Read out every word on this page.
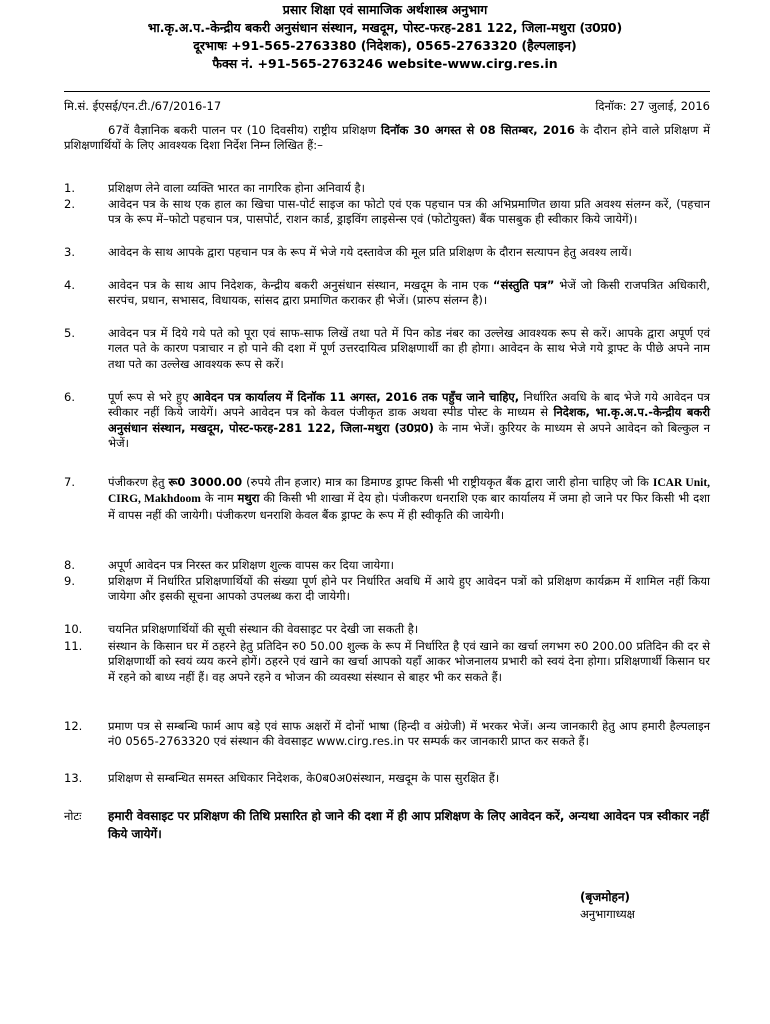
प्रसार शिक्षा एवं सामाजिक अर्थशास्त्र अनुभाग
भा.कृ.अ.प.-केन्द्रीय बकरी अनुसंधान संस्थान, मखदूम, पोस्ट-फरह-281 122, जिला-मथुरा (उ0प्र0)
दूरभाषः +91-565-2763380 (निदेशक), 0565-2763320 (हैल्पलाइन)
फैक्स नं. +91-565-2763246 website-www.cirg.res.in
मि.सं. ईएसई/एन.टी./67/2016-17	दिनॉक: 27 जुलाई, 2016
67वें वैज्ञानिक बकरी पालन पर (10 दिवसीय) राष्ट्रीय प्रशिक्षण दिनॉक 30 अगस्त से 08 सितम्बर, 2016 के दौरान होने वाले प्रशिक्षण में प्रशिक्षणार्थियों के लिए आवश्यक दिशा निर्देश निम्न लिखित हैं:–
1.	प्रशिक्षण लेने वाला व्यक्ति भारत का नागरिक होना अनिवार्य है।
2.	आवेदन पत्र के साथ एक हाल का खिचा पास-पोर्ट साइज का फोटो एवं एक पहचान पत्र की अभिप्रमाणित छाया प्रति अवश्य संलग्न करें, (पहचान पत्र के रूप में–फोटो पहचान पत्र, पासपोर्ट, राशन कार्ड, ड्राइविंग लाइसेन्स एवं (फोटोयुक्त) बैंक पासबुक ही स्वीकार किये जायेगें)।
3.	आवेदन के साथ आपके द्वारा पहचान पत्र के रूप में भेजे गये दस्तावेज की मूल प्रति प्रशिक्षण के दौरान सत्यापन हेतु अवश्य लायें।
4.	आवेदन पत्र के साथ आप निदेशक, केन्द्रीय बकरी अनुसंधान संस्थान, मखदूम के नाम एक “संस्तुति पत्र” भेजें जो किसी राजपत्रित अधिकारी, सरपंच, प्रधान, सभासद, विधायक, सांसद द्वारा प्रमाणित कराकर ही भेजें। (प्रारुप संलग्न है)।
5.	आवेदन पत्र में दिये गये पते को पूरा एवं साफ-साफ लिखें तथा पते में पिन कोड नंबर का उल्लेख आवश्यक रूप से करें। आपके द्वारा अपूर्ण एवं गलत पते के कारण पत्राचार न हो पाने की दशा में पूर्ण उत्तरदायित्व प्रशिक्षणार्थी का ही होगा। आवेदन के साथ भेजे गये ड्राफ्ट के पीछे अपने नाम तथा पते का उल्लेख आवश्यक रूप से करें।
6.	पूर्ण रूप से भरे हुए आवेदन पत्र कार्यालय में दिनॉक 11 अगस्त, 2016 तक पहुँच जाने चाहिए, निर्धारित अवधि के बाद भेजे गये आवेदन पत्र स्वीकार नहीं किये जायेगें। अपने आवेदन पत्र को केवल पंजीकृत डाक अथवा स्पीड पोस्ट के माध्यम से निदेशक, भा.कृ.अ.प.-केन्द्रीय बकरी अनुसंधान संस्थान, मखदूम, पोस्ट-फरह-281 122, जिला-मथुरा (उ0प्र0) के नाम भेजें। कुरियर के माध्यम से अपने आवेदन को बिल्कुल न भेजें।
7.	पंजीकरण हेतु रू0 3000.00 (रुपये तीन हजार) मात्र का डिमाण्ड ड्राफ्ट किसी भी राष्ट्रीयकृत बैंक द्वारा जारी होना चाहिए जो कि ICAR Unit, CIRG, Makhdoom के नाम मथुरा की किसी भी शाखा में देय हो। पंजीकरण धनराशि एक बार कार्यालय में जमा हो जाने पर फिर किसी भी दशा में वापस नहीं की जायेगी। पंजीकरण धनराशि केवल बैंक ड्राफ्ट के रूप में ही स्वीकृति की जायेगी।
8.	अपूर्ण आवेदन पत्र निरस्त कर प्रशिक्षण शुल्क वापस कर दिया जायेगा।
9.	प्रशिक्षण में निर्धारित प्रशिक्षणार्थियों की संख्या पूर्ण होने पर निर्धारित अवधि में आये हुए आवेदन पत्रों को प्रशिक्षण कार्यक्रम में शामिल नहीं किया जायेगा और इसकी सूचना आपको उपलब्ध करा दी जायेगी।
10.	चयनित प्रशिक्षणार्थियों की सूची संस्थान की वेवसाइट पर देखी जा सकती है।
11.	संस्थान के किसान घर में ठहरने हेतु प्रतिदिन रु0 50.00 शुल्क के रूप में निर्धारित है एवं खाने का खर्चा लगभग रु0 200.00 प्रतिदिन की दर से प्रशिक्षणार्थी को स्वयं व्यय करने होगें। ठहरने एवं खाने का खर्चा आपको यहॉं आकर भोजनालय प्रभारी को स्वयं देना होगा। प्रशिक्षणार्थी किसान घर में रहने को बाध्य नहीं हैं। वह अपने रहने व भोजन की व्यवस्था संस्थान से बाहर भी कर सकते हैं।
12.	प्रमाण पत्र से सम्बन्धि फार्म आप बड़े एवं साफ अक्षरों में दोनों भाषा (हिन्दी व अंग्रेजी) में भरकर भेजें। अन्य जानकारी हेतु आप हमारी हैल्पलाइन नं0 0565-2763320 एवं संस्थान की वेवसाइट www.cirg.res.in पर सम्पर्क कर जानकारी प्राप्त कर सकते हैं।
13.	प्रशिक्षण से सम्बन्धित समस्त अधिकार निदेशक, के0ब0अ0संस्थान, मखदूम के पास सुरक्षित हैं।
नोटः हमारी वेवसाइट पर प्रशिक्षण की तिथि प्रसारित हो जाने की दशा में ही आप प्रशिक्षण के लिए आवेदन करें, अन्यथा आवेदन पत्र स्वीकार नहीं किये जायेगें।
(बृजमोहन)
अनुभागाध्यक्ष
